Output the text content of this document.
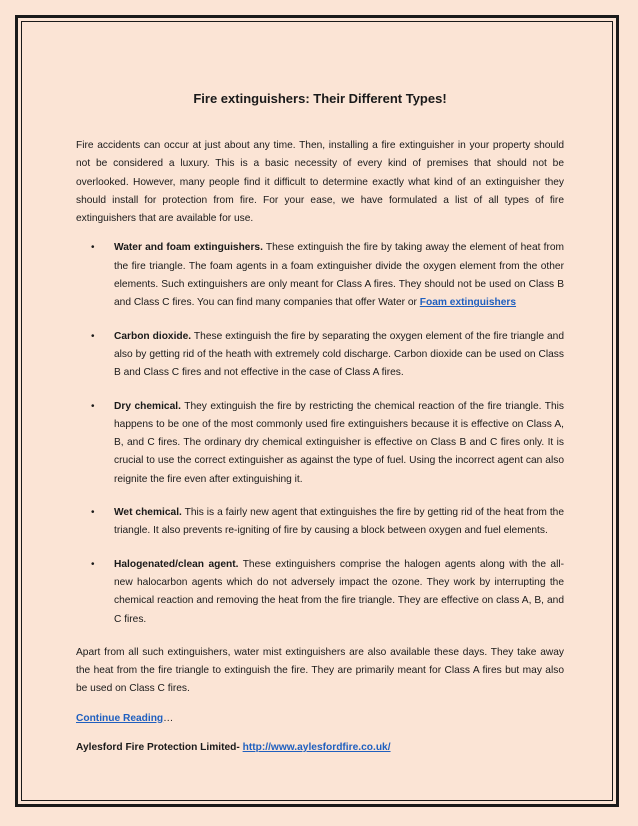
Fire extinguishers: Their Different Types!

Fire accidents can occur at just about any time. Then, installing a fire extinguisher in your property should not be considered a luxury. This is a basic necessity of every kind of premises that should not be overlooked. However, many people find it difficult to determine exactly what kind of an extinguisher they should install for protection from fire. For your ease, we have formulated a list of all types of fire extinguishers that are available for use.

• Water and foam extinguishers. These extinguish the fire by taking away the element of heat from the fire triangle. The foam agents in a foam extinguisher divide the oxygen element from the other elements. Such extinguishers are only meant for Class A fires. They should not be used on Class B and Class C fires. You can find many companies that offer Water or Foam extinguishers
• Carbon dioxide. These extinguish the fire by separating the oxygen element of the fire triangle and also by getting rid of the heath with extremely cold discharge. Carbon dioxide can be used on Class B and Class C fires and not effective in the case of Class A fires.
• Dry chemical. They extinguish the fire by restricting the chemical reaction of the fire triangle. This happens to be one of the most commonly used fire extinguishers because it is effective on Class A, B, and C fires. The ordinary dry chemical extinguisher is effective on Class B and C fires only. It is crucial to use the correct extinguisher as against the type of fuel. Using the incorrect agent can also reignite the fire even after extinguishing it.
• Wet chemical. This is a fairly new agent that extinguishes the fire by getting rid of the heat from the triangle. It also prevents re-igniting of fire by causing a block between oxygen and fuel elements.
• Halogenated/clean agent. These extinguishers comprise the halogen agents along with the all-new halocarbon agents which do not adversely impact the ozone. They work by interrupting the chemical reaction and removing the heat from the fire triangle. They are effective on class A, B, and C fires.

Apart from all such extinguishers, water mist extinguishers are also available these days. They take away the heat from the fire triangle to extinguish the fire. They are primarily meant for Class A fires but may also be used on Class C fires.

Continue Reading…

Aylesford Fire Protection Limited- http://www.aylesfordfire.co.uk/
